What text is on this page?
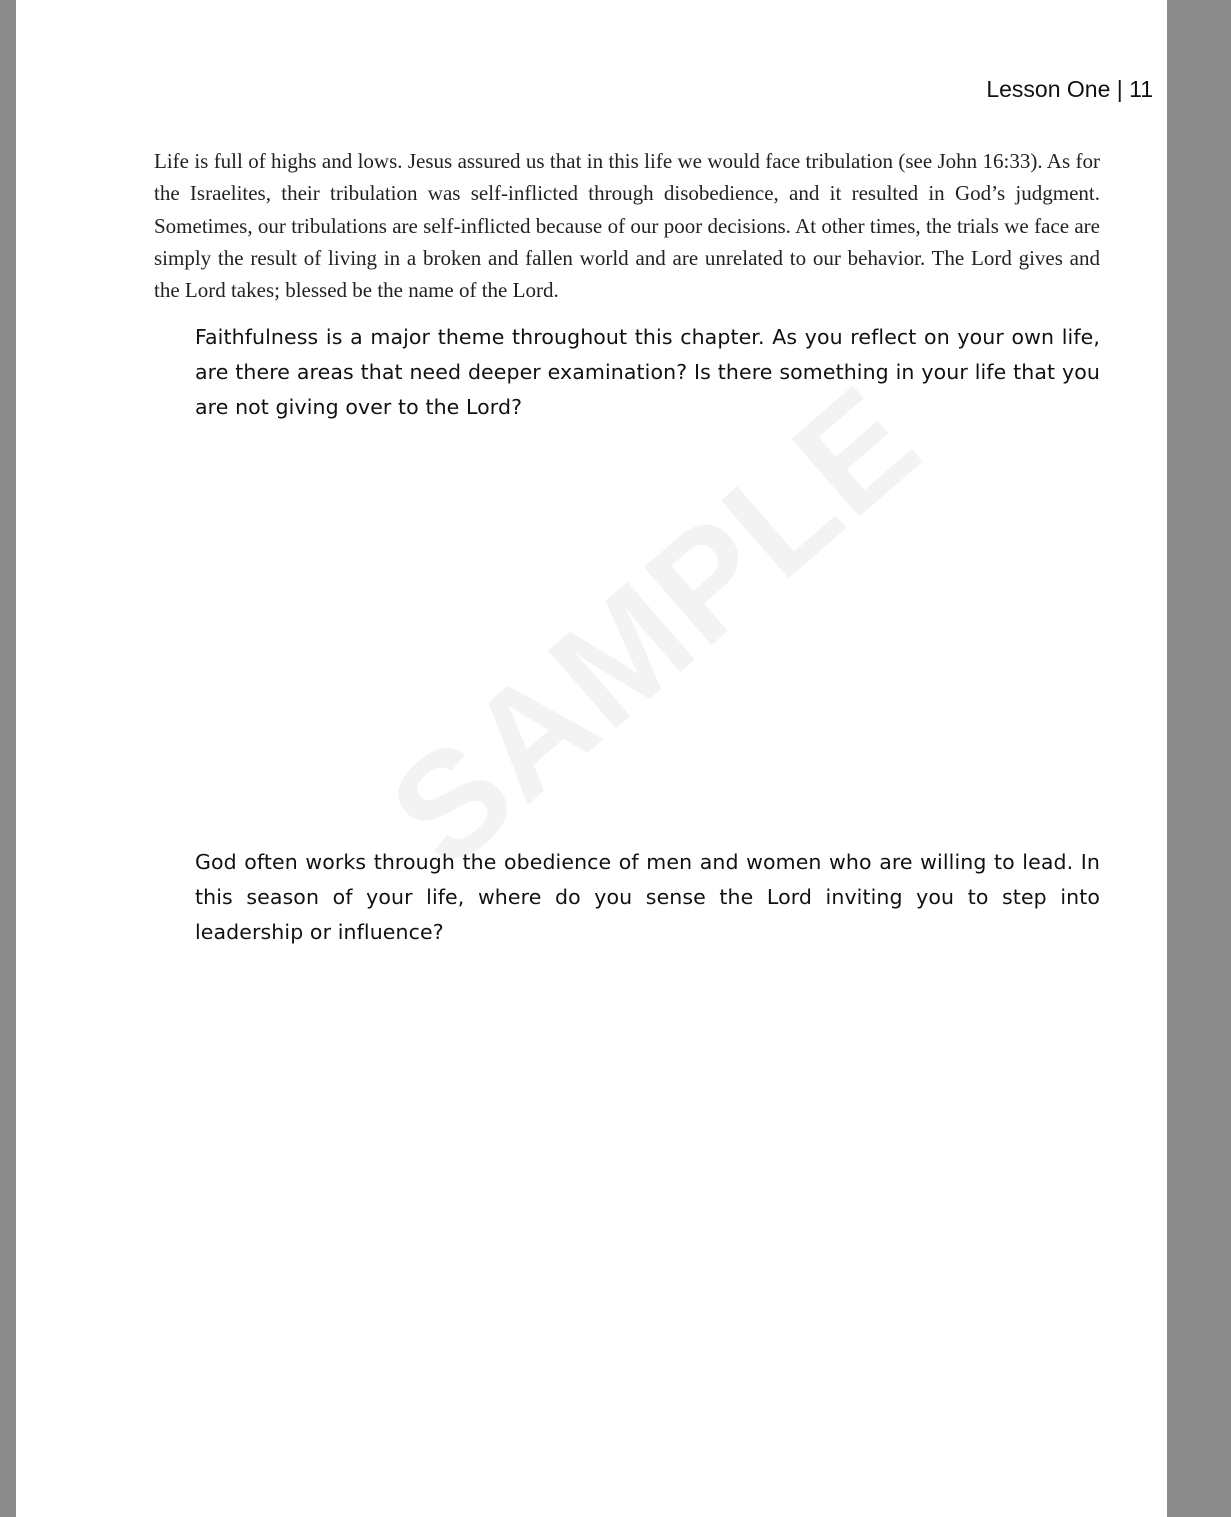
Lesson One | 11

Life is full of highs and lows. Jesus assured us that in this life we would face tribulation (see John 16:33). As for the Israelites, their tribulation was self-inflicted through disobedience, and it resulted in God’s judgment. Sometimes, our tribulations are self-inflicted because of our poor decisions. At other times, the trials we face are simply the result of living in a broken and fallen world and are unrelated to our behavior. The Lord gives and the Lord takes; blessed be the name of the Lord.

Faithfulness is a major theme throughout this chapter. As you reflect on your own life, are there areas that need deeper examination? Is there something in your life that you are not giving over to the Lord?

God often works through the obedience of men and women who are willing to lead. In this season of your life, where do you sense the Lord inviting you to step into leadership or influence?
